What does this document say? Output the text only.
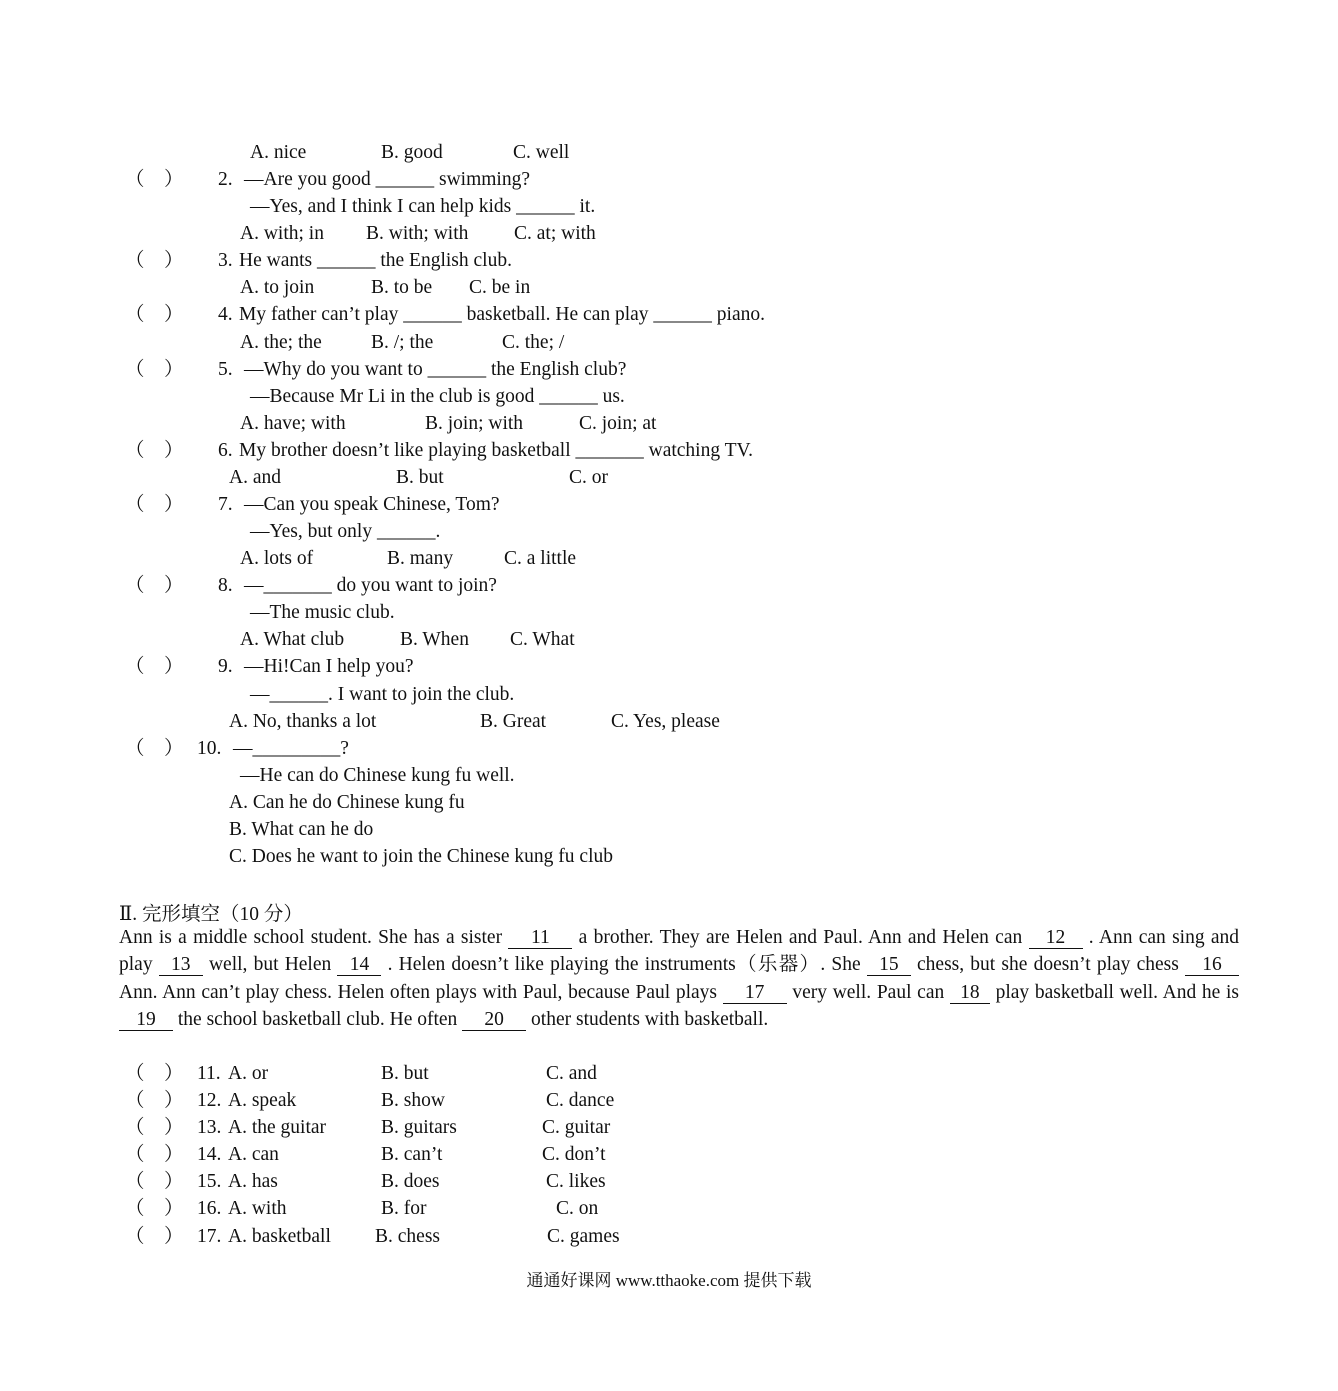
A. nice	B. good	C. well
（    ） 2. —Are you good ______ swimming?
—Yes, and I think I can help kids ______ it.
A. with; in B. with; with C. at; with
（    ） 3. He wants ______ the English club.
A. to join	B. to be C. be in
（    ） 4. My father can’t play ______ basketball. He can play ______ piano.
A. the; the	B. /; the	C. the; /
（    ） 5. —Why do you want to ______ the English club?
—Because Mr Li in the club is good ______ us.
A. have; with	B. join; with	C. join; at
（    ） 6. My brother doesn’t like playing basketball _______ watching TV.
A. and	B. but	C. or
（    ） 7. —Can you speak Chinese, Tom?
—Yes, but only ______.
A. lots of	B. many	C. a little
（    ） 8. —_______ do you want to join?
—The music club.
A. What club	B. When C. What
（    ） 9. —Hi!Can I help you?
—______. I want to join the club.
A. No, thanks a lot	B. Great	C. Yes, please
（    ） 10. —_________?
—He can do Chinese kung fu well.
A. Can he do Chinese kung fu
B. What can he do
C. Does he want to join the Chinese kung fu club
Ⅱ. 完形填空（10 分）
Ann is a middle school student. She has a sister 11 a brother. They are Helen and Paul. Ann and Helen can 12 . Ann can sing and play 13 well, but Helen 14 . Helen doesn’t like playing the instruments（乐器）. She 15 chess, but she doesn’t play chess 16 Ann. Ann can’t play chess. Helen often plays with Paul, because Paul plays 17 very well. Paul can 18 play basketball well. And he is 19 the school basketball club. He often 20 other students with basketball.
（    ） 11. A. or	B. but	C. and
（    ） 12. A. speak	B. show	C. dance
（    ） 13. A. the guitar	B. guitars	C. guitar
（    ） 14. A. can	B. can’t	C. don’t
（    ） 15. A. has	B. does	C. likes
（    ） 16. A. with	B. for	C. on
（    ） 17. A. basketball B. chess	C. games
通通好课网 www.tthaoke.com 提供下载
